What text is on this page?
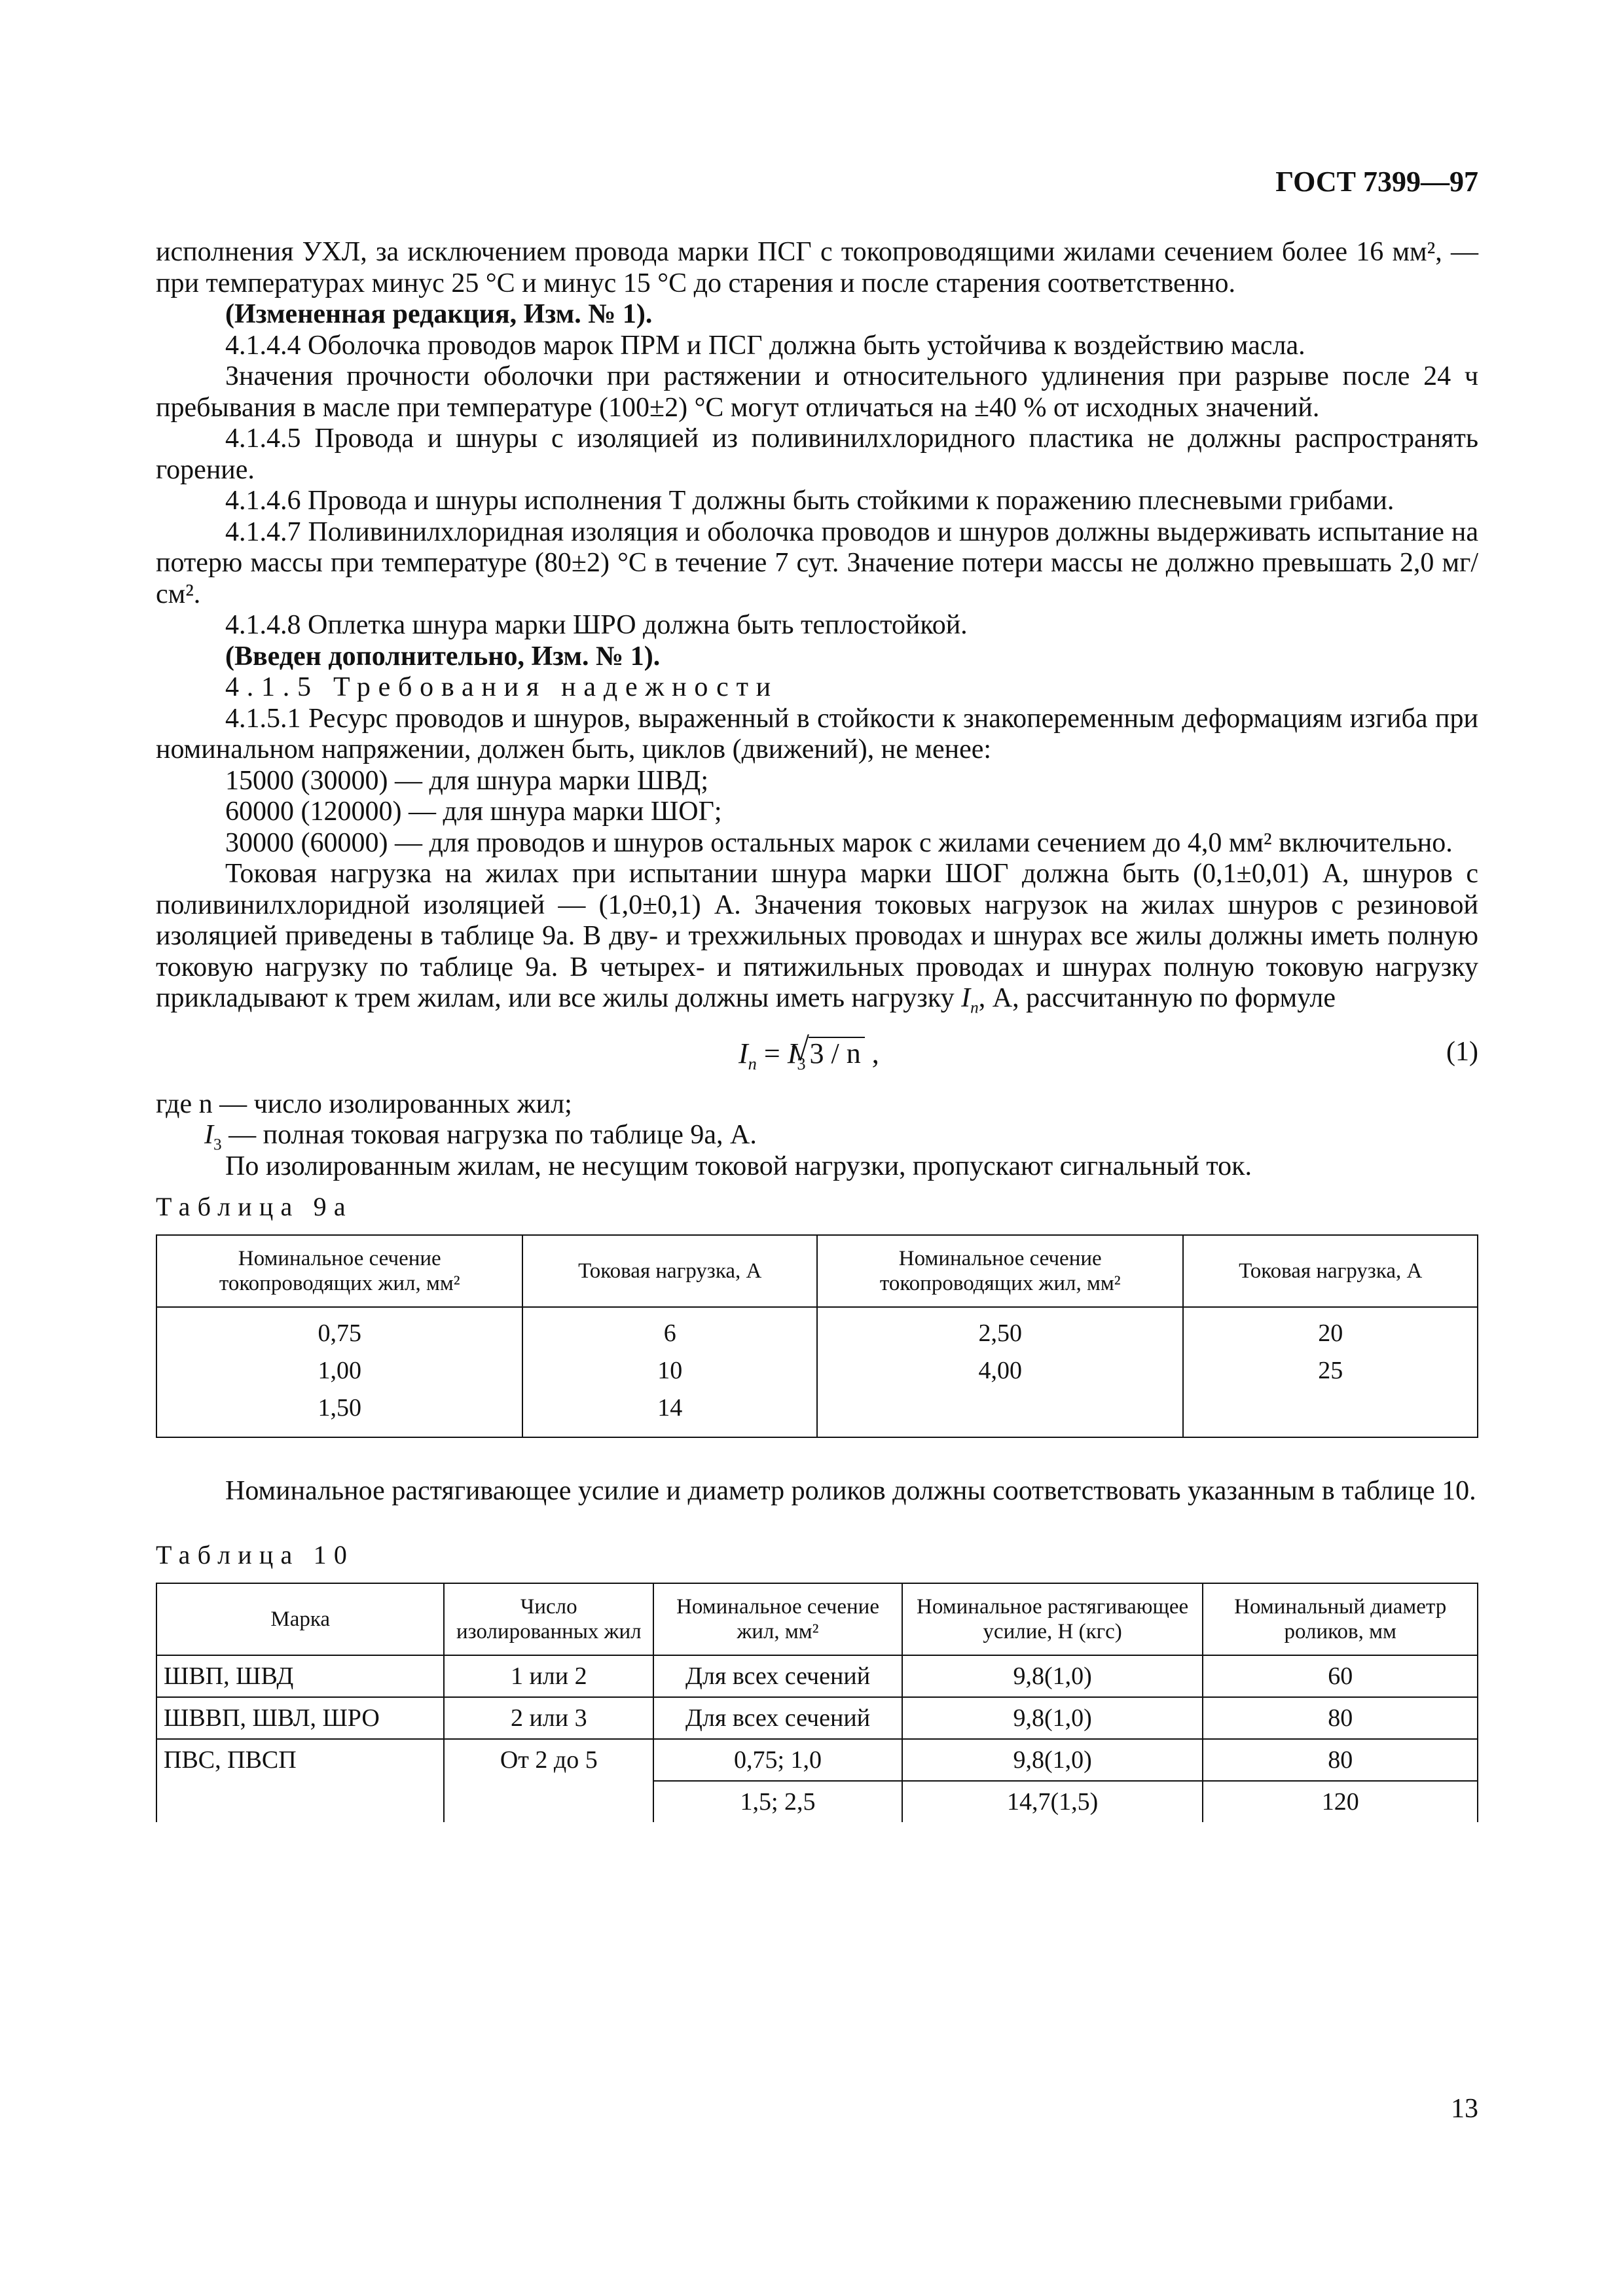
ГОСТ 7399—97

исполнения УХЛ, за исключением провода марки ПСГ с токопроводящими жилами сечением более 16 мм², — при температурах минус 25 °С и минус 15 °С до старения и после старения соответственно.

(Измененная редакция, Изм. № 1).

4.1.4.4 Оболочка проводов марок ПРМ и ПСГ должна быть устойчива к воздействию масла.

Значения прочности оболочки при растяжении и относительного удлинения при разрыве после 24 ч пребывания в масле при температуре (100±2) °С могут отличаться на ±40 % от исходных значений.

4.1.4.5 Провода и шнуры с изоляцией из поливинилхлоридного пластика не должны распространять горение.

4.1.4.6 Провода и шнуры исполнения Т должны быть стойкими к поражению плесневыми грибами.

4.1.4.7 Поливинилхлоридная изоляция и оболочка проводов и шнуров должны выдерживать испытание на потерю массы при температуре (80±2) °С в течение 7 сут. Значение потери массы не должно превышать 2,0 мг/см².

4.1.4.8 Оплетка шнура марки ШРО должна быть теплостойкой.

(Введен дополнительно, Изм. № 1).

4.1.5 Требования надежности

4.1.5.1 Ресурс проводов и шнуров, выраженный в стойкости к знакопеременным деформациям изгиба при номинальном напряжении, должен быть, циклов (движений), не менее:

15000 (30000) — для шнура марки ШВД;

60000 (120000) — для шнура марки ШОГ;

30000 (60000) — для проводов и шнуров остальных марок с жилами сечением до 4,0 мм² включительно.

Токовая нагрузка на жилах при испытании шнура марки ШОГ должна быть (0,1±0,01) А, шнуров с поливинилхлоридной изоляцией — (1,0±0,1) А. Значения токовых нагрузок на жилах шнуров с резиновой изоляцией приведены в таблице 9а. В дву- и трехжильных проводах и шнурах все жилы должны иметь полную токовую нагрузку по таблице 9а. В четырех- и пятижильных проводах и шнурах полную токовую нагрузку прикладывают к трем жилам, или все жилы должны иметь нагрузку $I_n$, А, рассчитанную по формуле

$I_n = I_3$ √ 3 / n ,	(1)

где n — число изолированных жил;

$I_3$ — полная токовая нагрузка по таблице 9а, А.

По изолированным жилам, не несущим токовой нагрузки, пропускают сигнальный ток.

Таблица 9а
Номинальное сечение токопроводящих жил, мм²	Токовая нагрузка, А	Номинальное сечение токопроводящих жил, мм²	Токовая нагрузка, А
0,75	6	2,50	20
1,00	10	4,00	25
1,50	14		

Номинальное растягивающее усилие и диаметр роликов должны соответствовать указанным в таблице 10.

Таблица 10
Марка	Число изолированных жил	Номинальное сечение жил, мм²	Номинальное растягивающее усилие, Н (кгс)	Номинальный диаметр роликов, мм
ШВП, ШВД	1 или 2	Для всех сечений	9,8(1,0)	60
ШВВП, ШВЛ, ШРО	2 или 3	Для всех сечений	9,8(1,0)	80
ПВС, ПВСП	От 2 до 5	0,75; 1,0	9,8(1,0)	80
		1,5; 2,5	14,7(1,5)	120
13
